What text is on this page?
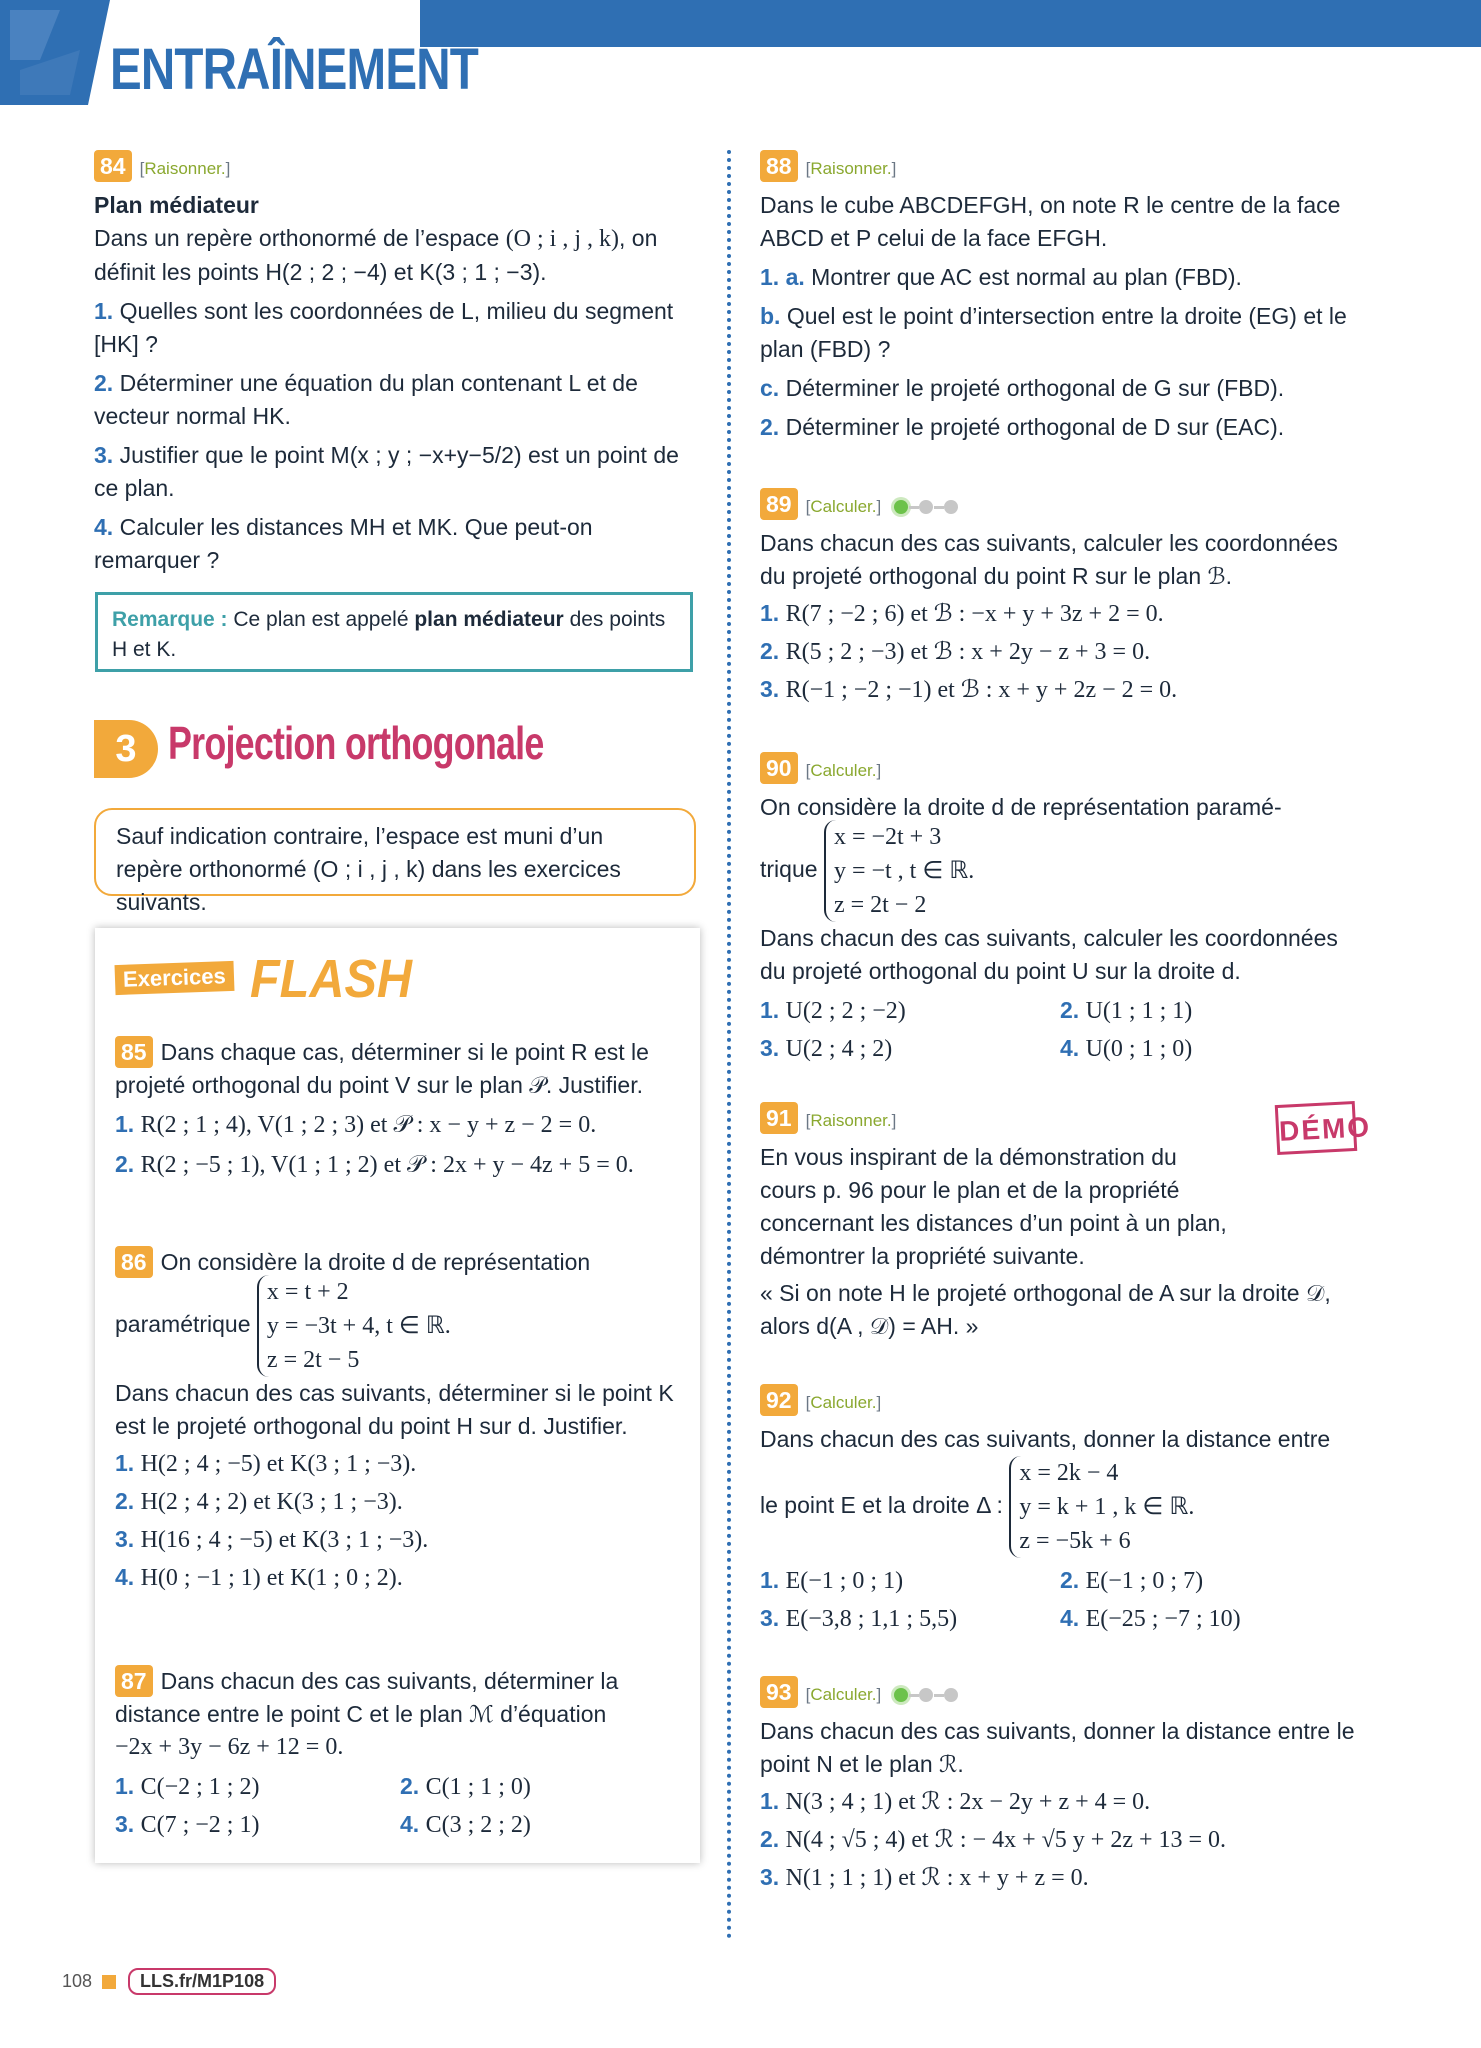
ENTRAÎNEMENT
84 [Raisonner.]
Plan médiateur
Dans un repère orthonormé de l’espace (O ; i , j , k), on
définit les points H(2 ; 2 ; −4) et K(3 ; 1 ; −3).
1. Quelles sont les coordonnées de L, milieu du segment [HK] ?
2. Déterminer une équation du plan contenant L et de vecteur normal HK.
3. Justifier que le point M(x ; y ; −x+y−5/2) est un point de ce plan.
4. Calculer les distances MH et MK. Que peut-on remarquer ?
Remarque : Ce plan est appelé plan médiateur des points H et K.
3 Projection orthogonale
Sauf indication contraire, l’espace est muni d’un repère orthonormé (O ; i , j , k) dans les exercices suivants.
Exercices FLASH
85 Dans chaque cas, déterminer si le point R est le projeté orthogonal du point V sur le plan 𝒫. Justifier.
1. R(2 ; 1 ; 4), V(1 ; 2 ; 3) et 𝒫 : x − y + z − 2 = 0.
2. R(2 ; −5 ; 1), V(1 ; 1 ; 2) et 𝒫 : 2x + y − 4z + 5 = 0.
86 On considère la droite d de représentation
paramétrique
x = t + 2
y = −3t + 4, t ∈ ℝ.
z = 2t − 5
Dans chacun des cas suivants, déterminer si le point K est le projeté orthogonal du point H sur d. Justifier.
1. H(2 ; 4 ; −5) et K(3 ; 1 ; −3).
2. H(2 ; 4 ; 2) et K(3 ; 1 ; −3).
3. H(16 ; 4 ; −5) et K(3 ; 1 ; −3).
4. H(0 ; −1 ; 1) et K(1 ; 0 ; 2).
87 Dans chacun des cas suivants, déterminer la distance entre le point C et le plan ℳ d’équation
−2x + 3y − 6z + 12 = 0.
1. C(−2 ; 1 ; 2)	2. C(1 ; 1 ; 0)
3. C(7 ; −2 ; 1)	4. C(3 ; 2 ; 2)
88 [Raisonner.]
Dans le cube ABCDEFGH, on note R le centre de la face ABCD et P celui de la face EFGH.
1. a. Montrer que AC est normal au plan (FBD).
b. Quel est le point d’intersection entre la droite (EG) et le plan (FBD) ?
c. Déterminer le projeté orthogonal de G sur (FBD).
2. Déterminer le projeté orthogonal de D sur (EAC).
89 [Calculer.]
Dans chacun des cas suivants, calculer les coordonnées du projeté orthogonal du point R sur le plan ℬ.
1. R(7 ; −2 ; 6) et ℬ : −x + y + 3z + 2 = 0.
2. R(5 ; 2 ; −3) et ℬ : x + 2y − z + 3 = 0.
3. R(−1 ; −2 ; −1) et ℬ : x + y + 2z − 2 = 0.
90 [Calculer.]
On considère la droite d de représentation paramé-
trique
x = −2t + 3
y = −t , t ∈ ℝ.
z = 2t − 2
Dans chacun des cas suivants, calculer les coordonnées du projeté orthogonal du point U sur la droite d.
1. U(2 ; 2 ; −2)	2. U(1 ; 1 ; 1)
3. U(2 ; 4 ; 2)	4. U(0 ; 1 ; 0)
91 [Raisonner.]
En vous inspirant de la démonstration du cours p. 96 pour le plan et de la propriété concernant les distances d’un point à un plan, démontrer la propriété suivante.
« Si on note H le projeté orthogonal de A sur la droite 𝒟, alors d(A , 𝒟) = AH. »
DÉMO
92 [Calculer.]
Dans chacun des cas suivants, donner la distance entre
le point E et la droite Δ :
x = 2k − 4
y = k + 1 , k ∈ ℝ.
z = −5k + 6
1. E(−1 ; 0 ; 1)	2. E(−1 ; 0 ; 7)
3. E(−3,8 ; 1,1 ; 5,5)	4. E(−25 ; −7 ; 10)
93 [Calculer.]
Dans chacun des cas suivants, donner la distance entre le point N et le plan ℛ.
1. N(3 ; 4 ; 1) et ℛ : 2x − 2y + z + 4 = 0.
2. N(4 ; √5 ; 4) et ℛ : − 4x + √5 y + 2z + 13 = 0.
3. N(1 ; 1 ; 1) et ℛ : x + y + z = 0.
108	LLS.fr/M1P108
